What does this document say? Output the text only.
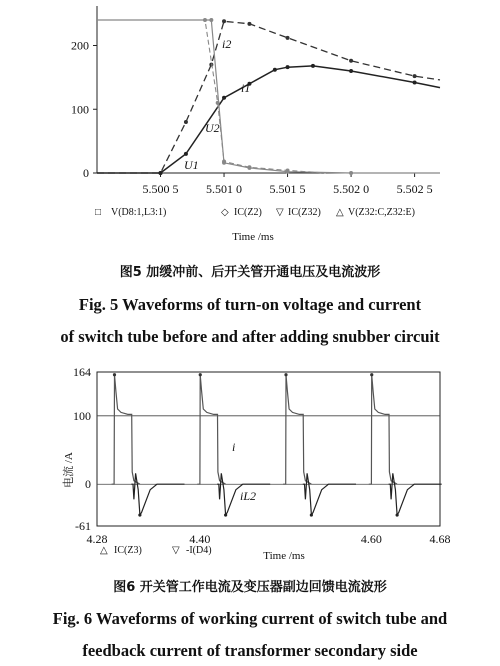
0
100
200
5.500 5 5.501 0 5.501 5 5.502 0 5.502 5
i2
i1
U2
U1
□ V(D8:1,L3:1)	◇ IC(Z2) ▽ IC(Z32) △ V(Z32:C,Z32:E)
Time /ms
图5 加缓冲前、后开关管开通电压及电流波形
Fig. 5 Waveforms of turn-on voltage and current
of switch tube before and after adding snubber circuit
164
100
0
-61
4.28	4.40	4.60	4.68
电流 /A
i
iL2
△ IC(Z3)	▽ -I(D4)	Time /ms
图6 开关管工作电流及变压器副边回馈电流波形
Fig. 6 Waveforms of working current of switch tube and
feedback current of transformer secondary side
